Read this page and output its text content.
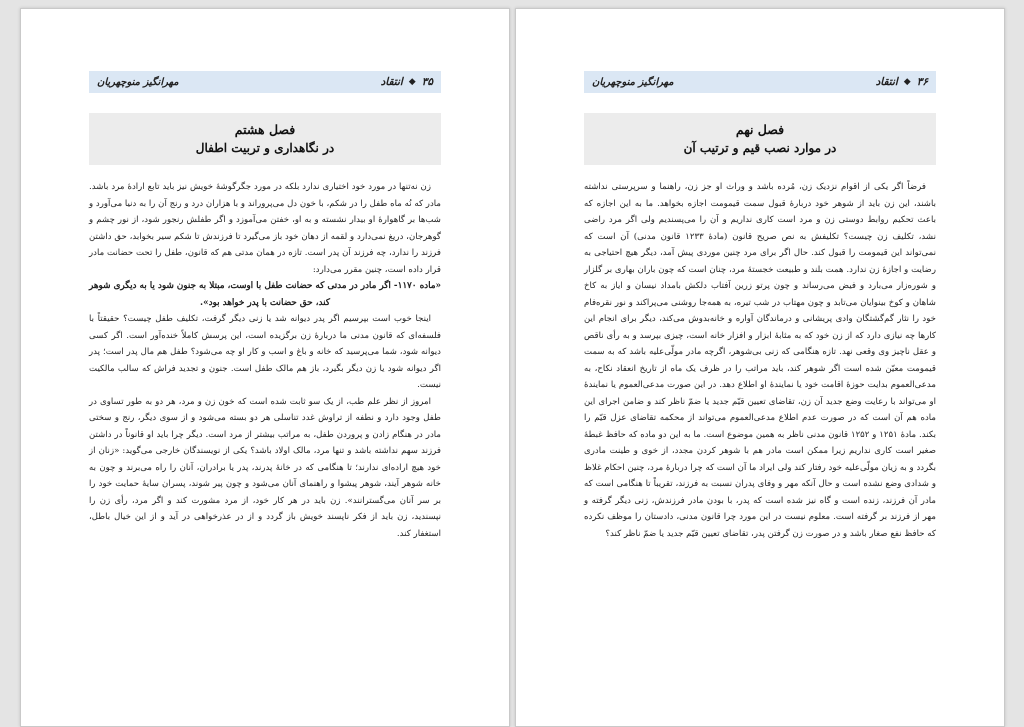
۳۵
◆
انتقاد
مهرانگیز منوچهریان
فصل هشتم
در نگاهداری و تربیت اطفال

زن نه‌تنها در مورد خود اختیاری ندارد بلکه در مورد جگرگوشهٔ خویش نیز باید تابع ارادهٔ مرد باشد. مادر که نُه ماه طفل را در شکم، با خون دل می‌پروراند و با هزاران درد و رنج آن را به دنیا می‌آورد و شب‌ها بر گاهوارهٔ او بیدار نشسته و به او، خفتن می‌آموزد و اگر طفلش رنجور شود، از نور چشم و گوهرجان، دریغ نمی‌دارد و لقمه از دهان خود باز می‌گیرد تا فرزندش تا شکم سیر بخوابد، حق داشتن فرزند را ندارد، چه فرزند آن پدر است. تازه در همان مدتی هم که قانون، طفل را تحت حضانت مادر قرار داده است، چنین مقرر می‌دارد:

«ماده ۱۱۷۰- اگر مادر در مدتی که حضانت طفل با اوست، مبتلا به جنون شود یا به دیگری شوهر کند، حق حضانت با پدر خواهد بود».

اینجا خوب است بپرسیم اگر پدر دیوانه شد یا زنی دیگر گرفت، تکلیف طفل چیست؟ حقیقتاً با فلسفه‌ای که قانون مدنی ما دربارهٔ زن برگزیده است، این پرسش کاملاً خنده‌آور است. اگر کسی دیوانه شود، شما می‌پرسید که خانه و باغ و اسب و کار او چه می‌شود؟ طفل هم مال پدر است؛ پدر اگر دیوانه شود یا زن دیگر بگیرد، باز هم مالک طفل است. جنون و تجدید فراش که سالب مالکیت نیست.

امروز از نظر علم طب، از یک سو ثابت شده است که خون زن و مرد، هر دو به طور تساوی در طفل وجود دارد و نطفه از تراوش غدد تناسلی هر دو بسته می‌شود و از سوی دیگر، رنج و سختی مادر در هنگام زادن و پروردن طفل، به مراتب بیشتر از مرد است. دیگر چرا باید او قانوناً در داشتن فرزند سهم نداشته باشد و تنها مرد، مالک اولاد باشد؟ یکی از نویسندگان خارجی می‌گوید: «زنان از خود هیچ اراده‌ای ندارند؛ تا هنگامی که در خانهٔ پدرند، پدر یا برادران، آنان را راه می‌برند و چون به خانه شوهر آیند، شوهر پیشوا و راهنمای آنان می‌شود و چون پیر شوند، پسران سایهٔ حمایت خود را بر سر آنان می‌گسترانند». زن باید در هر کار خود، از مرد مشورت کند و اگر مرد، رأی زن را نپسندید، زن باید از فکر ناپسند خویش باز گردد و از در عذرخواهی در آید و از این خیال باطل، استغفار کند.

۳۶
◆
انتقاد
مهرانگیز منوچهریان
فصل نهم
در موارد نصب قیم و ترتیب آن

فرضاً اگر یکی از اقوام نزدیک زن، مُرده باشد و وراث او جز زن، راهنما و سرپرستی نداشته باشند، این زن باید از شوهر خود دربارهٔ قبول سمت قیمومت اجازه بخواهد. ما به این اجازه که باعث تحکیم روابط دوستی زن و مرد است کاری نداریم و آن را می‌پسندیم ولی اگر مرد راضی نشد، تکلیف زن چیست؟ تکلیفش به نص صریح قانون (مادهٔ ۱۲۳۳ قانون مدنی) آن است که نمی‌تواند این قیمومت را قبول کند. حال اگر برای مرد چنین موردی پیش آمد، دیگر هیچ احتیاجی به رضایت و اجازهٔ زن ندارد. همت بلند و طبیعت خجستهٔ مرد، چنان است که چون باران بهاری بر گلزار و شوره‌زار می‌بارد و فیض می‌رساند و چون پرتو زرین آفتاب دلکش بامداد نیسان و ایاز به کاخ شاهان و کوخ بینوایان می‌تابد و چون مهتاب در شب تیره، به همه‌جا روشنی می‌پراکند و نور نقره‌فام خود را نثار گم‌گشتگان وادی پریشانی و درماندگان آواره و خانه‌بدوش می‌کند، دیگر برای انجام این کارها چه نیازی دارد که از زن خود که به مثابهٔ ابزار و افزار خانه است، چیزی بپرسد و به رأی ناقص و عقل ناچیز وی وقعی نهد. تازه هنگامی که زنی بی‌شوهر، اگرچه مادر مولّی‌علیه باشد که به سمت قیمومت معیّن شده است اگر شوهر کند، باید مراتب را در ظرف یک ماه از تاریخ انعقاد نکاح، به مدعی‌العموم بدایت حوزهٔ اقامت خود یا نمایندهٔ او اطلاع دهد. در این صورت مدعی‌العموم یا نمایندهٔ او می‌تواند با رعایت وضع جدید آن زن، تقاضای تعیین قیّم جدید یا ضمّ ناظر کند و ضامن اجرای این ماده هم آن است که در صورت عدم اطلاع مدعی‌العموم می‌تواند از محکمه تقاضای عزل قیّم را بکند. مادهٔ ۱۲۵۱ و ۱۲۵۲ قانون مدنی ناظر به همین موضوع است. ما به این دو ماده که حافظ غبطهٔ صغیر است کاری نداریم زیرا ممکن است مادر هم با شوهر کردن مجدد، از خوی و طینت مادری بگردد و به زیان مولّی‌علیه خود رفتار کند ولی ایراد ما آن است که چرا دربارهٔ مرد، چنین احکام غلاظ و شدادی وضع نشده است و حال آنکه مهر و وفای پدران نسبت به فرزند، تقریباً تا هنگامی است که مادر آن فرزند، زنده است و گاه نیز شده است که پدر، با بودن مادر فرزندش، زنی دیگر گرفته و مهر از فرزند بر گرفته است. معلوم نیست در این مورد چرا قانون مدنی، دادستان را موظف نکرده که حافظ نفع صغار باشد و در صورت زن گرفتن پدر، تقاضای تعیین قیّم جدید یا ضمّ ناظر کند؟
